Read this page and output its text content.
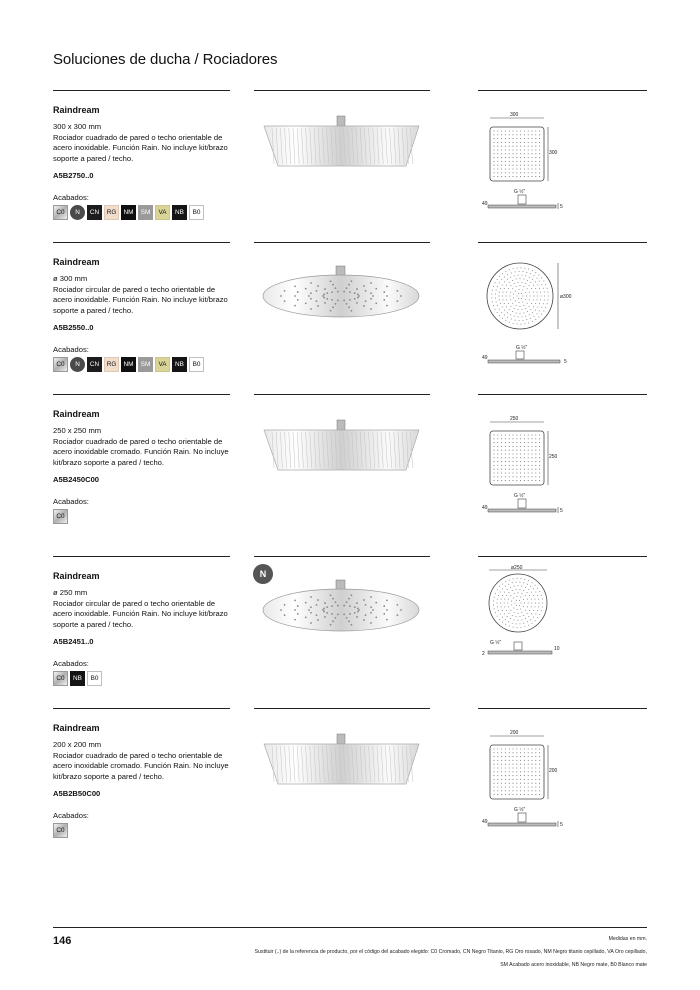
Soluciones de ducha / Rociadores
Raindream
300 x 300 mm
Rociador cuadrado de pared o techo orientable de acero inoxidable. Función Rain. No incluye kit/brazo soporte a pared / techo.
A5B2750..0
Acabados:
C0	N	CN	RG	NM	SM	VA	NB	B0
300
300
G ½"
49	5
Raindream
ø 300 mm
Rociador circular de pared o techo orientable de acero inoxidable. Función Rain. No incluye kit/brazo soporte a pared / techo.
A5B2550..0
Acabados:
C0	N	CN	RG	NM	SM	VA	NB	B0
ø300
G ½"
49
5
Raindream
250 x 250 mm
Rociador cuadrado de pared o techo orientable de acero inoxidable cromado. Función Rain. No incluye kit/brazo soporte a pared / techo.
A5B2450C00
Acabados:
C0
250
250
G ½"
49	5
Raindream
ø 250 mm
Rociador circular de pared o techo orientable de acero inoxidable. Función Rain. No incluye kit/brazo soporte a pared / techo.
A5B2451..0
Acabados:
C0	NB	B0
ø250
G ½"
2
10
N
Raindream
200 x 200 mm
Rociador cuadrado de pared o techo orientable de acero inoxidable cromado. Función Rain. No incluye kit/brazo soporte a pared / techo.
A5B2B50C00
Acabados:
C0
200
200
G ½"
49	5
146	Medidas en mm.
Sustituir (..) de la referencia de producto, por el código del acabado elegido: C0 Cromado, CN Negro Titanio, RG Oro rosado, NM Negro titanio cepillado, VA Oro cepillado,
SM Acabado acero inoxidable, NB Negro mate, B0 Blanco mate
